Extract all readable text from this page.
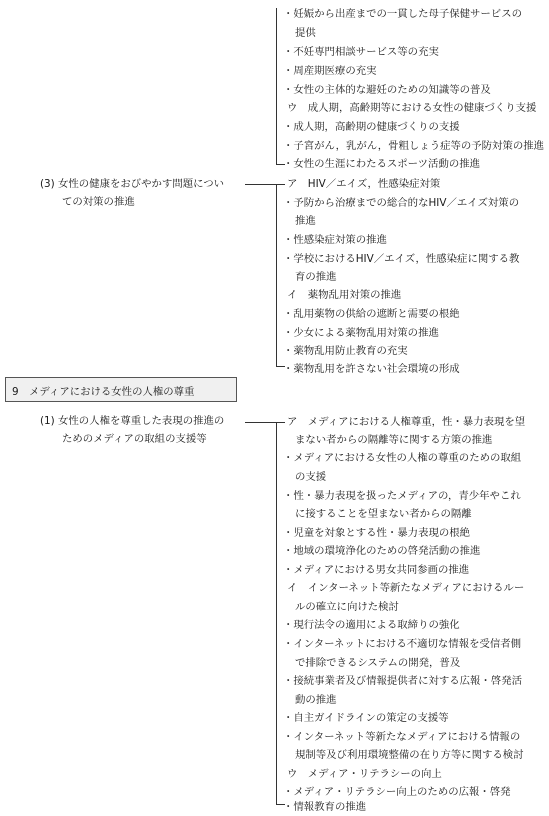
・妊娠から出産までの一貫した母子保健サービスの
提供
・不妊専門相談サービス等の充実
・周産期医療の充実
・女性の主体的な避妊のための知識等の普及
ウ　成人期，高齢期等における女性の健康づくり支援
・成人期，高齢期の健康づくりの支援
・子宮がん，乳がん，骨粗しょう症等の予防対策の推進
・女性の生涯にわたるスポーツ活動の推進
(3) 女性の健康をおびやかす問題につい
ての対策の推進
ア　HIV／エイズ，性感染症対策
・予防から治療までの総合的なHIV／エイズ対策の
推進
・性感染症対策の推進
・学校におけるHIV／エイズ，性感染症に関する教
育の推進
イ　薬物乱用対策の推進
・乱用薬物の供給の遮断と需要の根絶
・少女による薬物乱用対策の推進
・薬物乱用防止教育の充実
・薬物乱用を許さない社会環境の形成
9　メディアにおける女性の人権の尊重
(1) 女性の人権を尊重した表現の推進の
ためのメディアの取組の支援等
ア　メディアにおける人権尊重，性・暴力表現を望
まない者からの隔離等に関する方策の推進
・メディアにおける女性の人権の尊重のための取組
の支援
・性・暴力表現を扱ったメディアの，青少年やこれ
に接することを望まない者からの隔離
・児童を対象とする性・暴力表現の根絶
・地域の環境浄化のための啓発活動の推進
・メディアにおける男女共同参画の推進
イ　インターネット等新たなメディアにおけるルー
ルの確立に向けた検討
・現行法令の適用による取締りの強化
・インターネットにおける不適切な情報を受信者側
で排除できるシステムの開発，普及
・接続事業者及び情報提供者に対する広報・啓発活
動の推進
・自主ガイドラインの策定の支援等
・インターネット等新たなメディアにおける情報の
規制等及び利用環境整備の在り方等に関する検討
ウ　メディア・リテラシーの向上
・メディア・リテラシー向上のための広報・啓発
・情報教育の推進
